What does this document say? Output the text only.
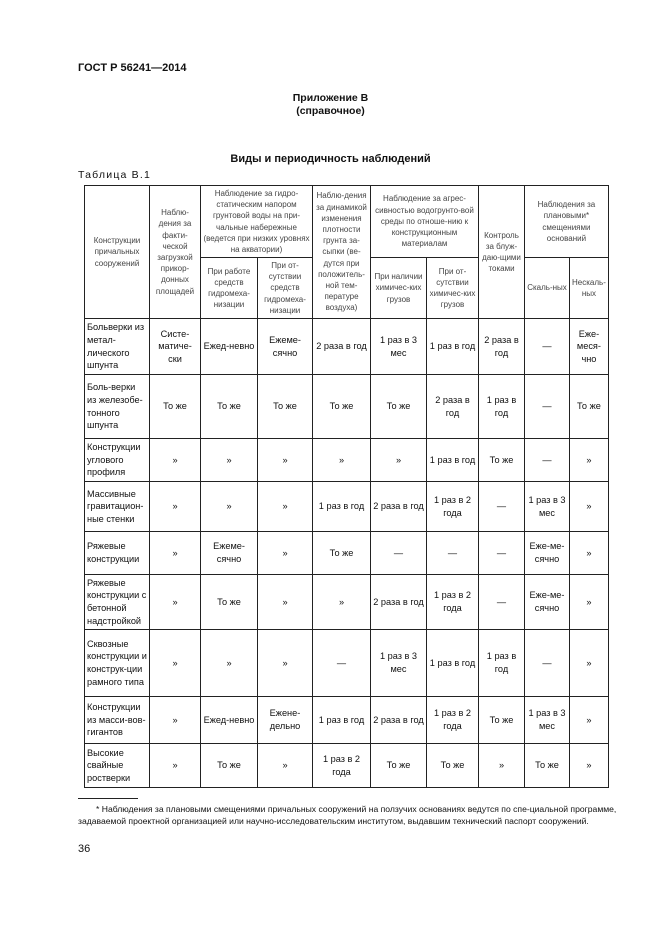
ГОСТ Р 56241—2014
Приложение В
(справочное)
Виды и периодичность наблюдений
Таблица В.1
Конструкции причальных сооружений	Наблю-дения за факти-ческой загрузкой прикор-донных площадей	Наблюдение за гидро-статическим напором грунтовой воды на при-чальные набережные (ведется при низких уровнях на акватории)		Наблю-дения за динамикой изменения плотности грунта за-сыпки (ве-дутся при положитель-ной тем-пературе воздуха)	Наблюдение за агрес-сивностью водогрунто-вой среды по отноше-нию к конструкционным материалам		Контроль за блуж-даю-щими токами	Наблюдения за плановыми* смещениями оснований	
		При работе средств гидромеха-низации	При от-сутствии средств гидромеха-низации		При наличии химичес-ких грузов	При от-сутствии химичес-ких грузов		Скаль-ных	Нескаль-ных
Больверки из метал-лического шпунта	Систе-матиче-ски	Ежед-невно	Ежеме-сячно	2 раза в год	1 раз в 3 мес	1 раз в год	2 раза в год	—	Еже-меся-чно
Боль-верки из железобе-тонного шпунта	То же	То же	То же	То же	То же	2 раза в год	1 раз в год	—	То же
Конструкции углового профиля	»	»	»	»	»	1 раз в год	То же	—	»
Массивные гравитацион-ные стенки	»	»	»	1 раз в год	2 раза в год	1 раз в 2 года	—	1 раз в 3 мес	»
Ряжевые конструкции	»	Ежеме-сячно	»	То же	—	—	—	Еже-ме-сячно	»
Ряжевые конструкции с бетонной надстройкой	»	То же	»	»	2 раза в год	1 раз в 2 года	—	Еже-ме-сячно	»
Сквозные конструкции и конструк-ции рамного типа	»	»	»	—	1 раз в 3 мес	1 раз в год	1 раз в год	—	»
Конструкции из масси-вов-гигантов	»	Ежед-невно	Ежене-дельно	1 раз в год	2 раза в год	1 раз в 2 года	То же	1 раз в 3 мес	»
Высокие свайные ростверки	»	То же	»	1 раз в 2 года	То же	То же	»	То же	»
* Наблюдения за плановыми смещениями причальных сооружений на ползучих основаниях ведутся по спе-циальной программе, задаваемой проектной организацией или научно-исследовательским институтом, выдавшим технический паспорт сооружений.
36
